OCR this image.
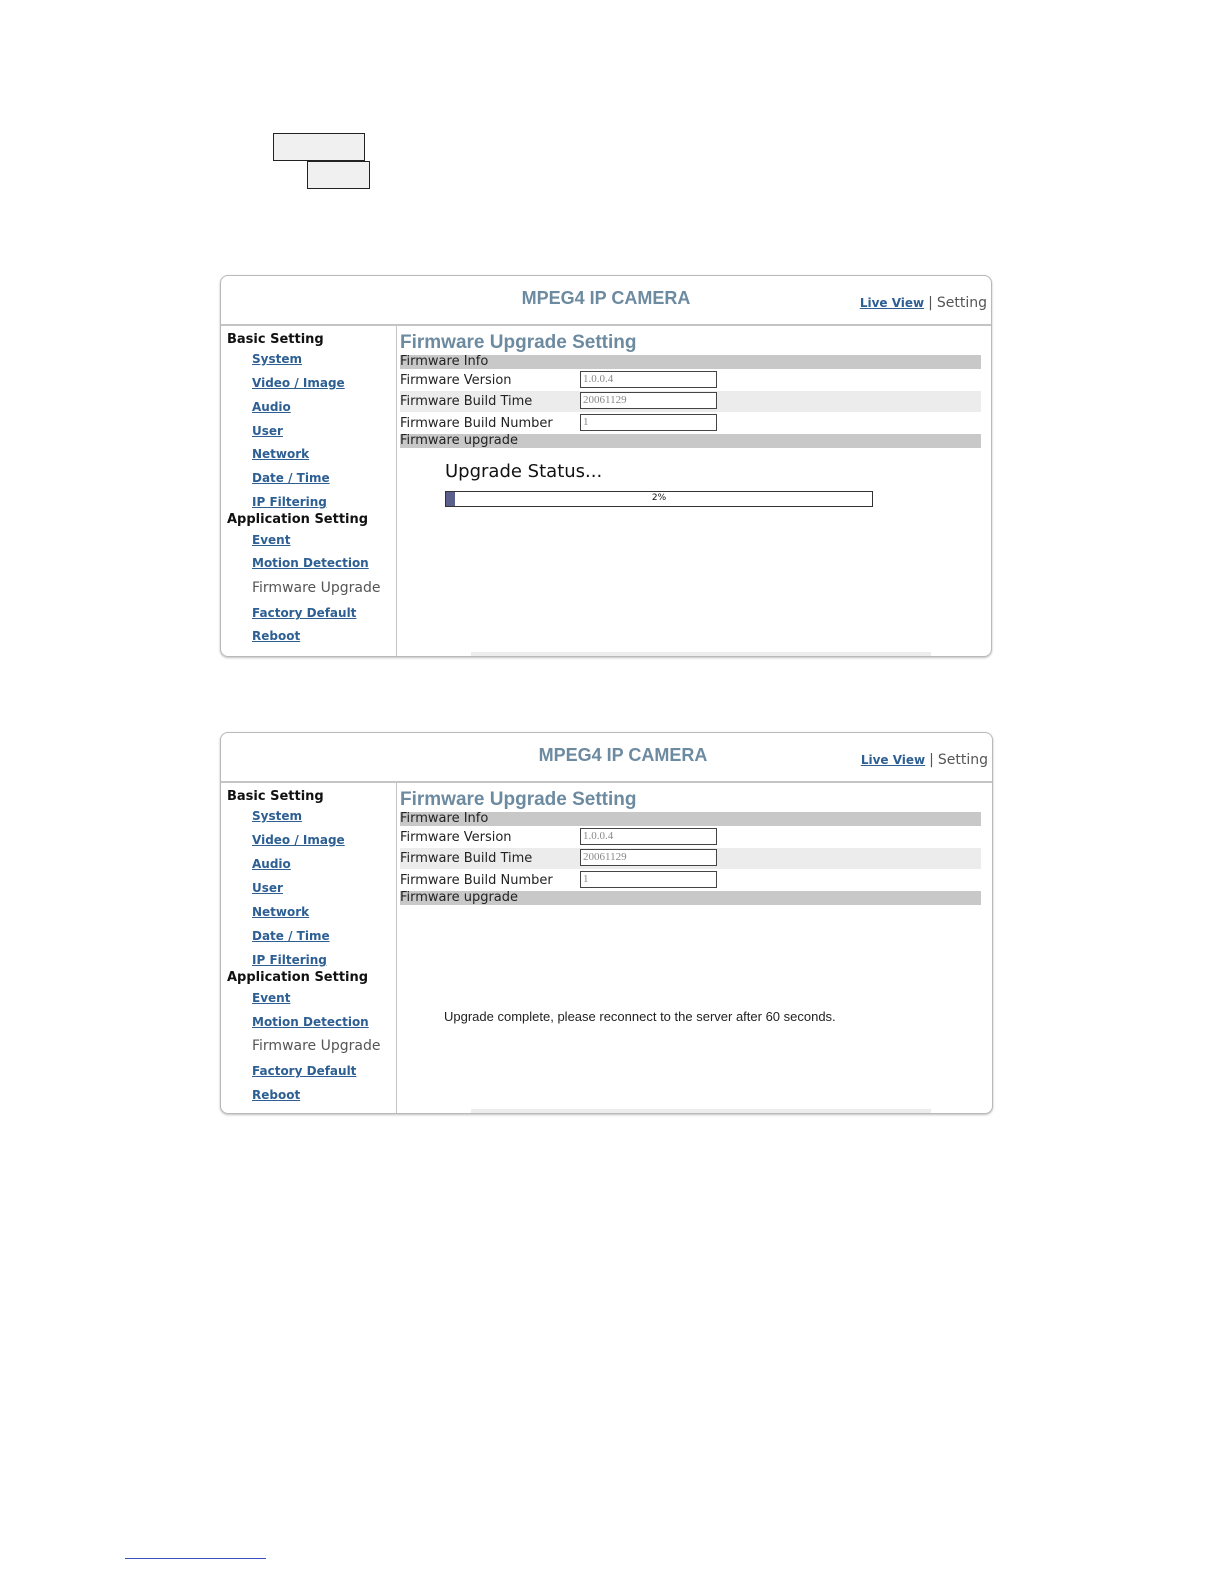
MPEG4 IP CAMERA	Live View | Setting
Basic Setting
System
Video / Image
Audio
User
Network
Date / Time
IP Filtering
Application Setting
Event
Motion Detection
Firmware Upgrade
Factory Default
Reboot
Firmware Upgrade Setting
Firmware Info
Firmware Version	1.0.0.4
Firmware Build Time	20061129
Firmware Build Number	1
Firmware upgrade
Upgrade Status...
2%
MPEG4 IP CAMERA	Live View | Setting
Basic Setting
System
Video / Image
Audio
User
Network
Date / Time
IP Filtering
Application Setting
Event
Motion Detection
Firmware Upgrade
Factory Default
Reboot
Firmware Upgrade Setting
Firmware Info
Firmware Version	1.0.0.4
Firmware Build Time	20061129
Firmware Build Number	1
Firmware upgrade
Upgrade complete, please reconnect to the server after 60 seconds.
